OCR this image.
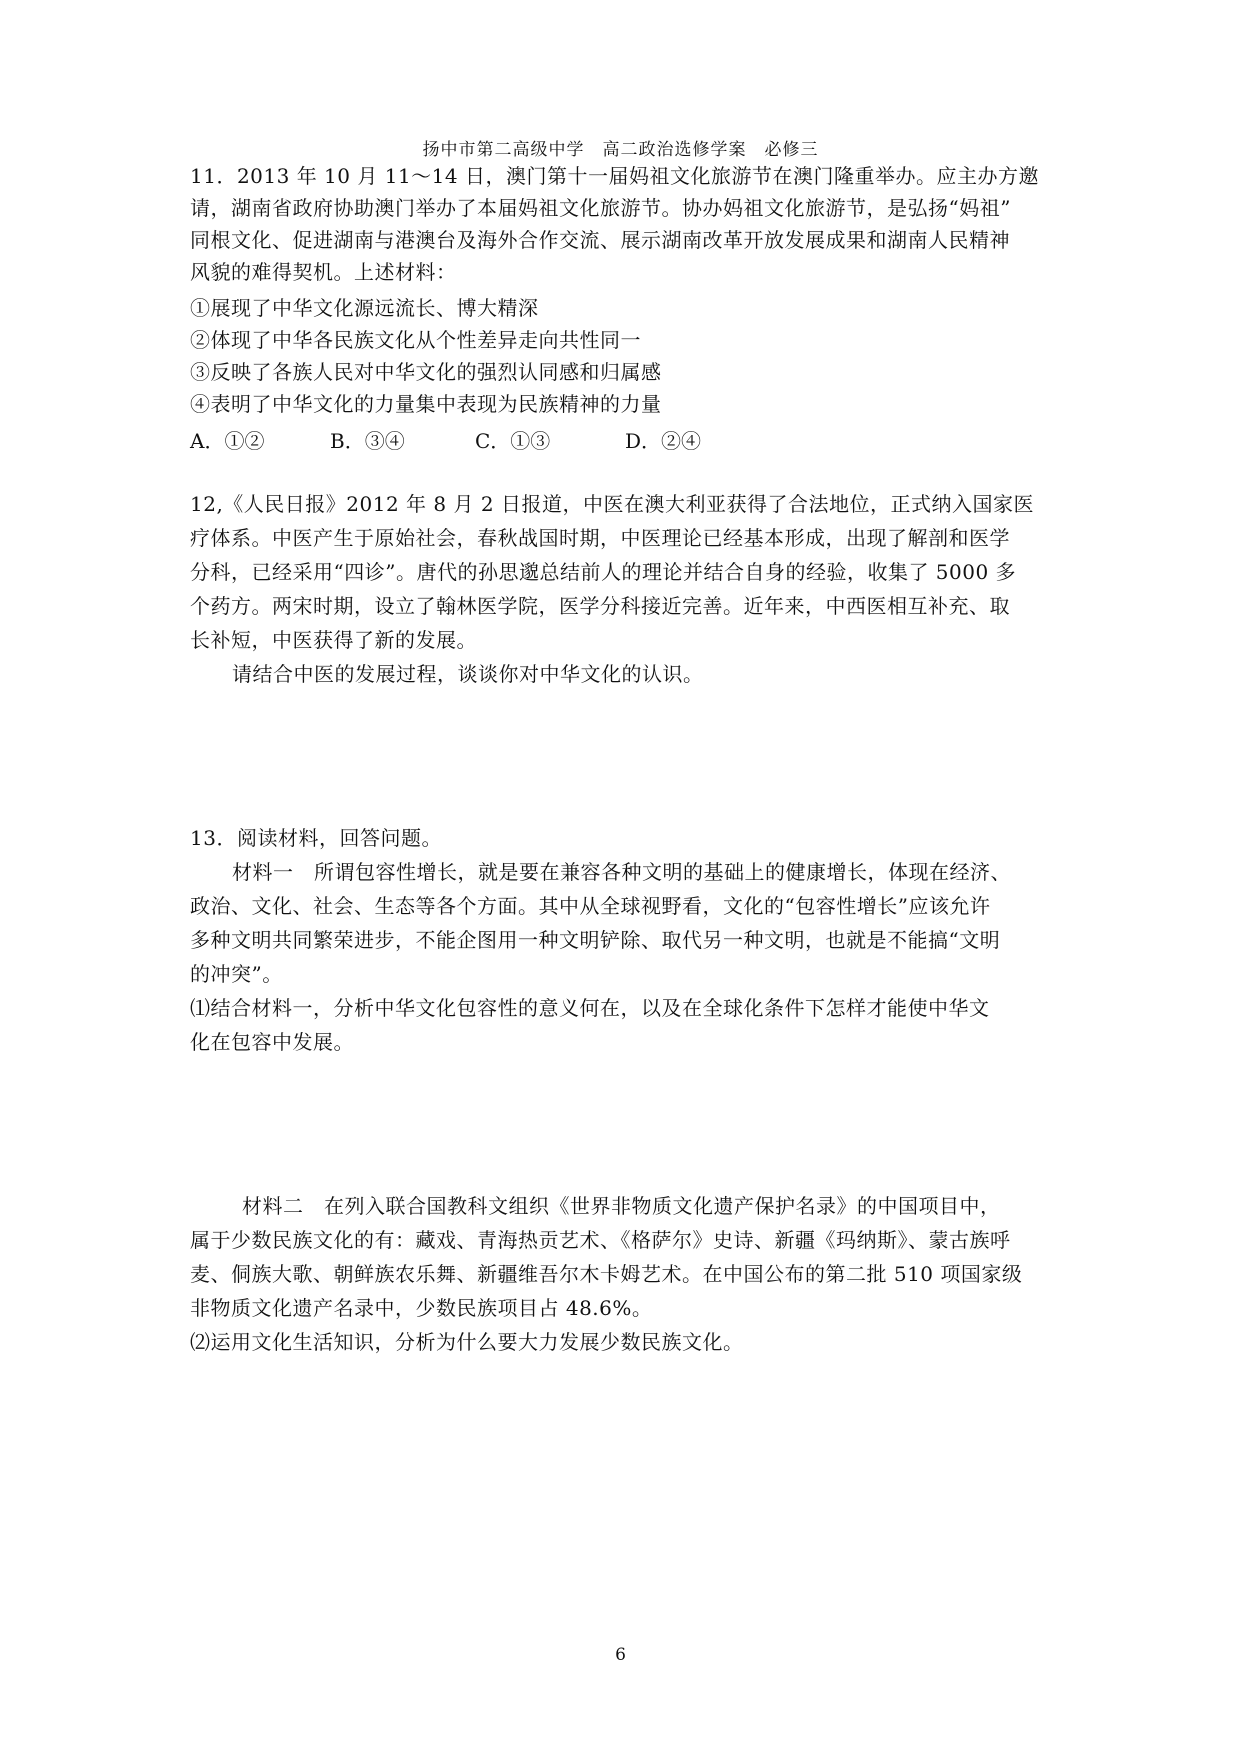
扬中市第二高级中学　高二政治选修学案　必修三
11．2013 年 10 月 11～14 日，澳门第十一届妈祖文化旅游节在澳门隆重举办。应主办方邀
请，湖南省政府协助澳门举办了本届妈祖文化旅游节。协办妈祖文化旅游节，是弘扬“妈祖”
同根文化、促进湖南与港澳台及海外合作交流、展示湖南改革开放发展成果和湖南人民精神
风貌的难得契机。上述材料：
①展现了中华文化源远流长、博大精深
②体现了中华各民族文化从个性差异走向共性同一
③反映了各族人民对中华文化的强烈认同感和归属感
④表明了中华文化的力量集中表现为民族精神的力量
A．①②	B．③④	C．①③	D．②④
12,《人民日报》2012 年 8 月 2 日报道，中医在澳大利亚获得了合法地位，正式纳入国家医
疗体系。中医产生于原始社会，春秋战国时期，中医理论已经基本形成，出现了解剖和医学
分科，已经采用“四诊”。唐代的孙思邈总结前人的理论并结合自身的经验，收集了 5000 多
个药方。两宋时期，设立了翰林医学院，医学分科接近完善。近年来，中西医相互补充、取
长补短，中医获得了新的发展。
请结合中医的发展过程，谈谈你对中华文化的认识。
13．阅读材料，回答问题。
材料一　所谓包容性增长，就是要在兼容各种文明的基础上的健康增长，体现在经济、
政治、文化、社会、生态等各个方面。其中从全球视野看，文化的“包容性增长”应该允许
多种文明共同繁荣进步，不能企图用一种文明铲除、取代另一种文明，也就是不能搞“文明
的冲突”。
⑴结合材料一，分析中华文化包容性的意义何在，以及在全球化条件下怎样才能使中华文
化在包容中发展。
材料二　在列入联合国教科文组织《世界非物质文化遗产保护名录》的中国项目中，
属于少数民族文化的有：藏戏、青海热贡艺术、《格萨尔》史诗、新疆《玛纳斯》、蒙古族呼
麦、侗族大歌、朝鲜族农乐舞、新疆维吾尔木卡姆艺术。在中国公布的第二批 510 项国家级
非物质文化遗产名录中，少数民族项目占 48.6%。
⑵运用文化生活知识，分析为什么要大力发展少数民族文化。
6
